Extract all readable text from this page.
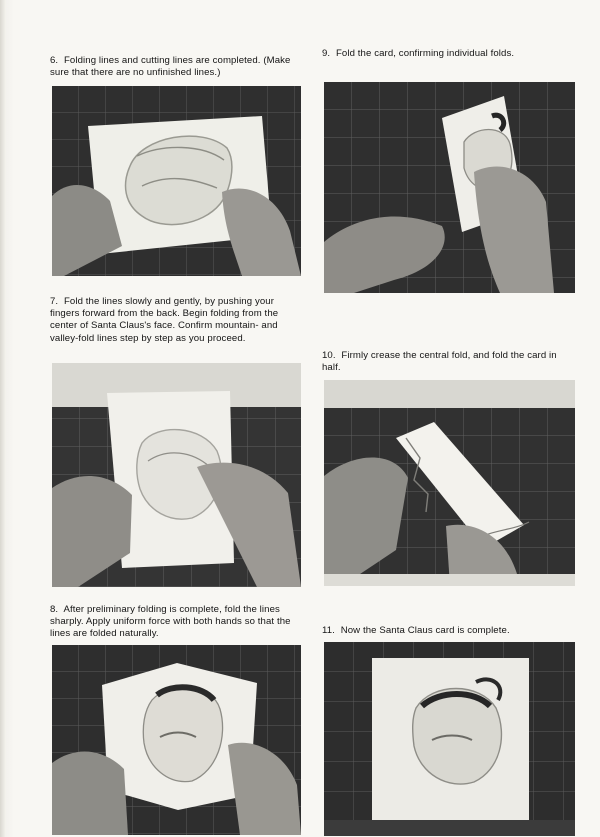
6. Folding lines and cutting lines are completed. (Make sure that there are no unfinished lines.)
7. Fold the lines slowly and gently, by pushing your fingers forward from the back. Begin folding from the center of Santa Claus's face. Confirm mountain- and valley-fold lines step by step as you proceed.
8. After preliminary folding is complete, fold the lines sharply. Apply uniform force with both hands so that the lines are folded naturally.
9. Fold the card, confirming individual folds.
10. Firmly crease the central fold, and fold the card in half.
11. Now the Santa Claus card is complete.
